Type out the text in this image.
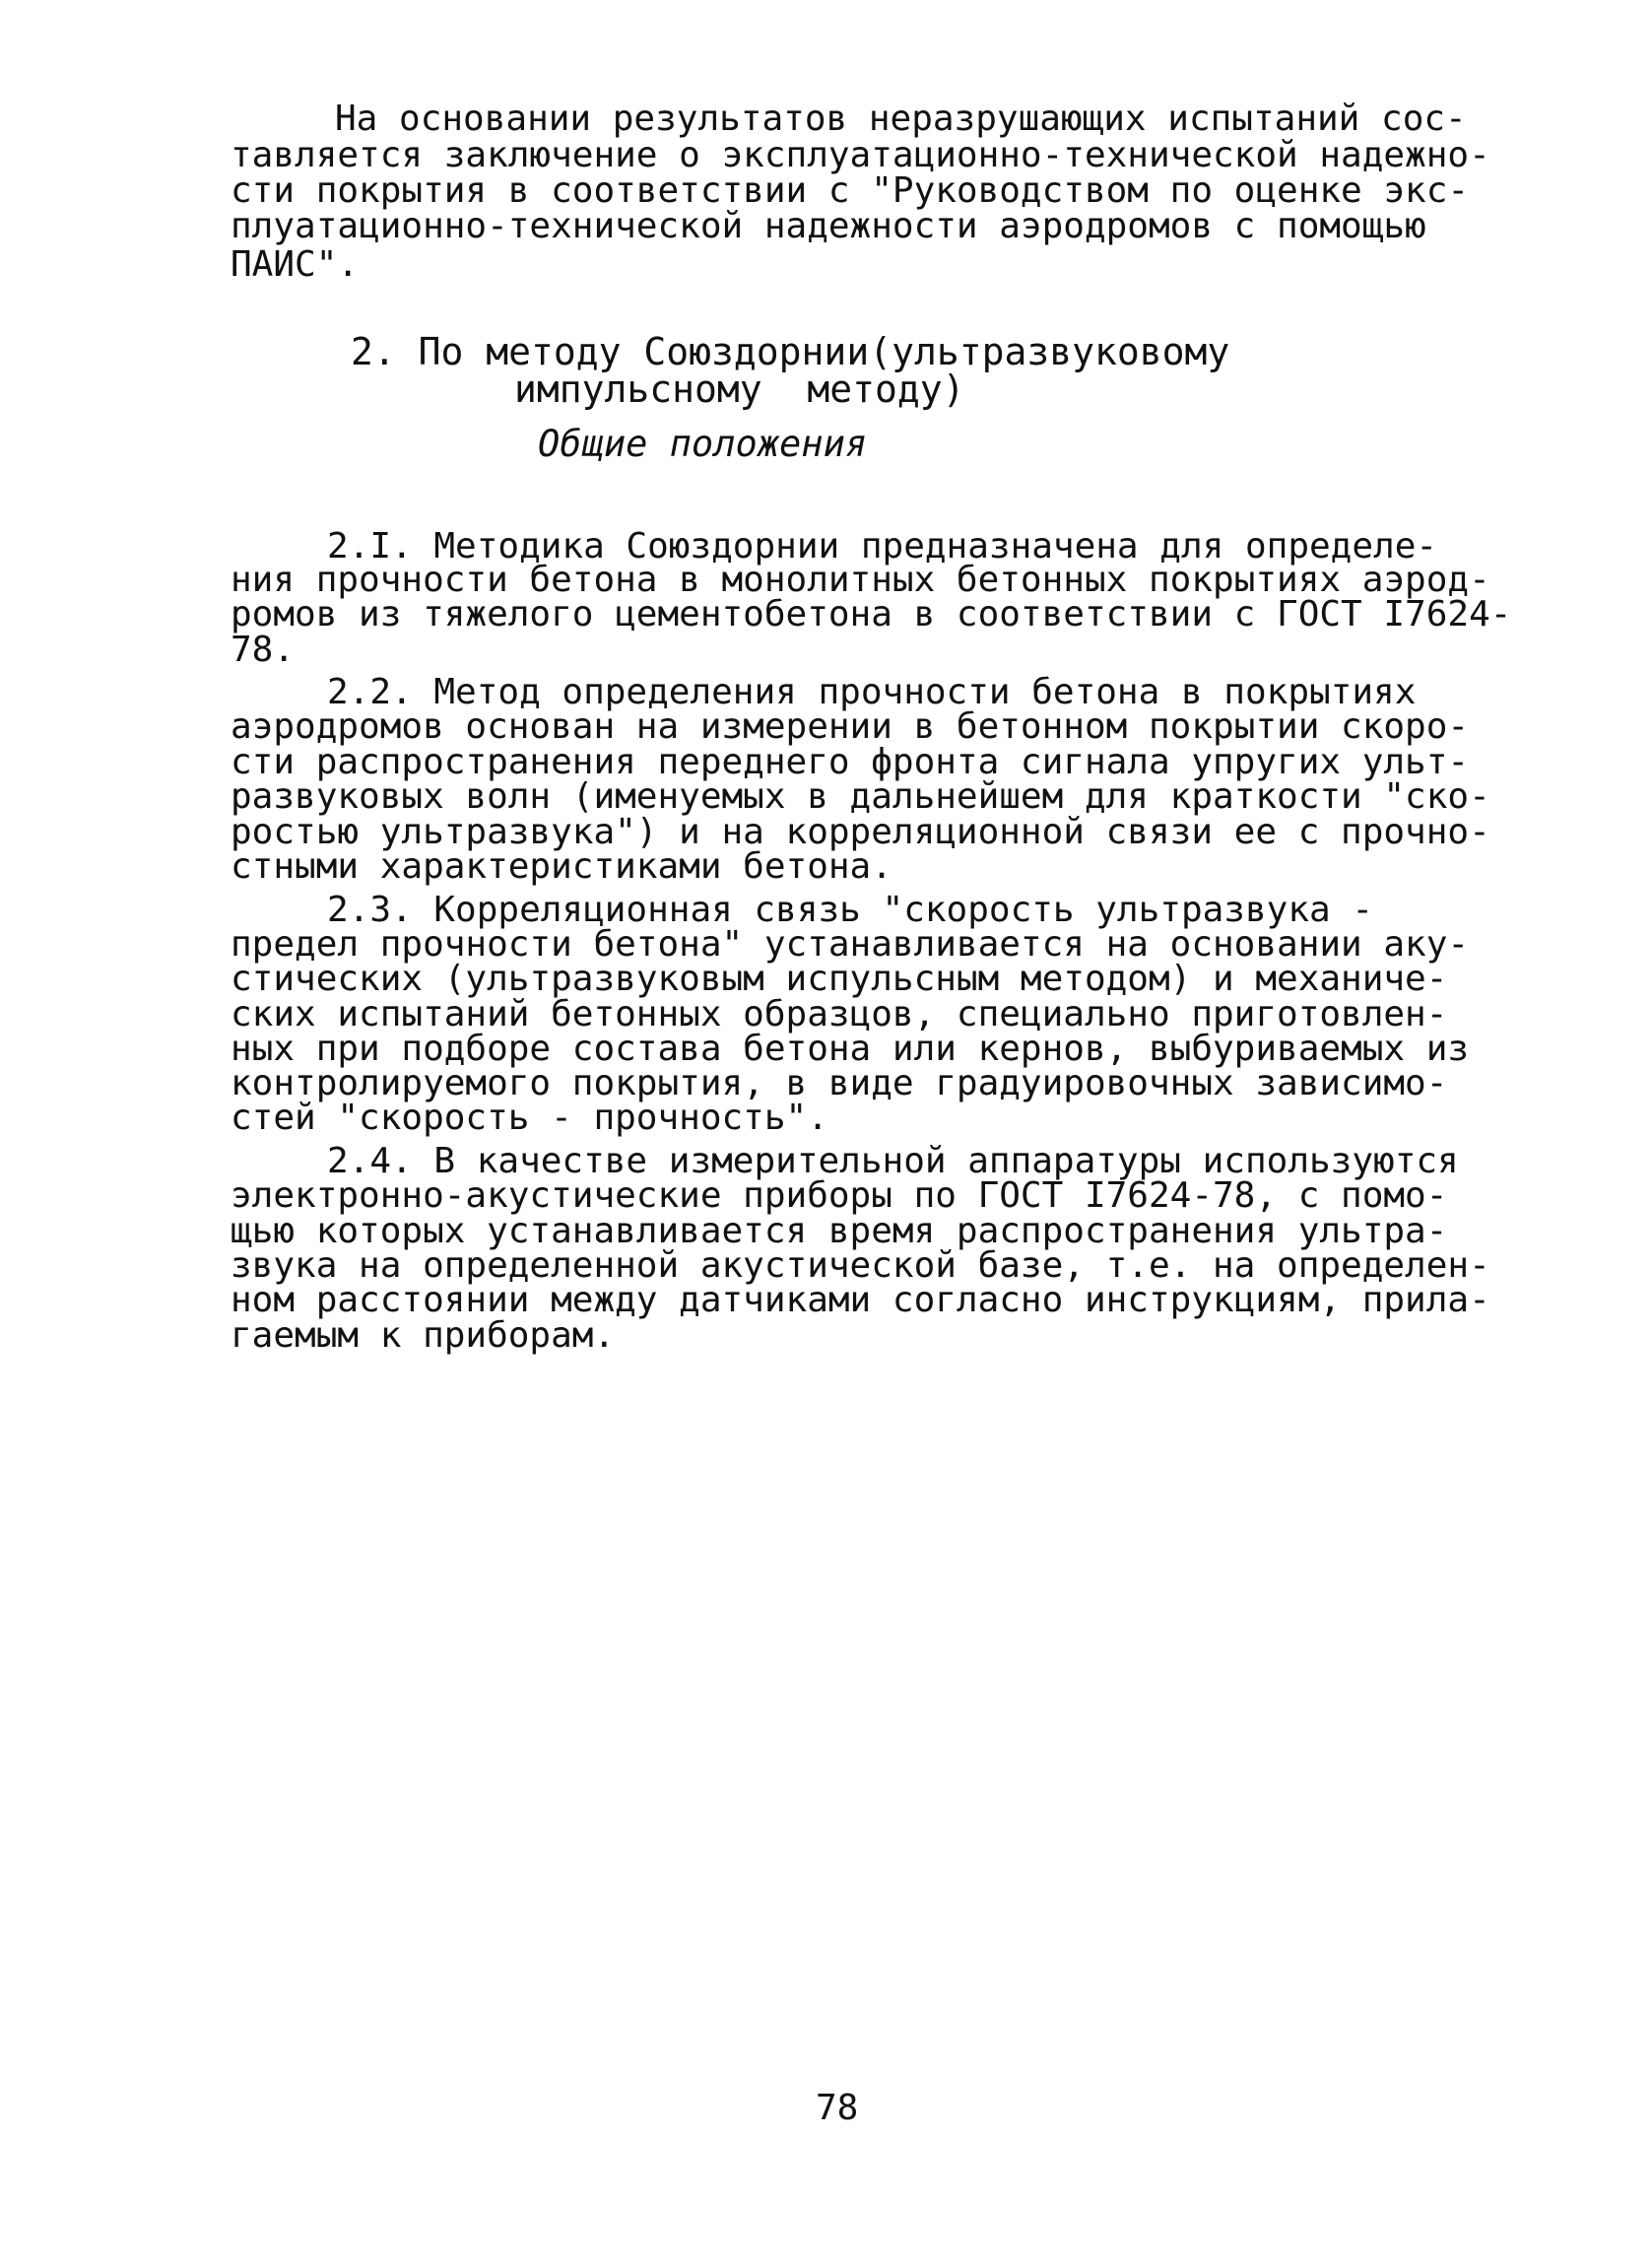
На основании результатов неразрушающих испытаний сос-
тавляется заключение о эксплуатационно-технической надежно-
сти покрытия в соответствии с "Руководством по оценке экс-
плуатационно-технической надежности аэродромов с помощью
ПАИС".
2. По методу Союздорнии(ультразвуковому
импульсному  методу)
Общие положения
2.I. Методика Союздорнии предназначена для определе-
ния прочности бетона в монолитных бетонных покрытиях аэрод-
ромов из тяжелого цементобетона в соответствии с ГОСТ I7624-
78.
2.2. Метод определения прочности бетона в покрытиях
аэродромов основан на измерении в бетонном покрытии скоро-
сти распространения переднего фронта сигнала упругих ульт-
развуковых волн (именуемых в дальнейшем для краткости "ско-
ростью ультразвука") и на корреляционной связи ее с прочно-
стными характеристиками бетона.
2.3. Корреляционная связь "скорость ультразвука -
предел прочности бетона" устанавливается на основании аку-
стических (ультразвуковым испульсным методом) и механиче-
ских испытаний бетонных образцов, специально приготовлен-
ных при подборе состава бетона или кернов, выбуриваемых из
контролируемого покрытия, в виде градуировочных зависимо-
стей "скорость - прочность".
2.4. В качестве измерительной аппаратуры используются
электронно-акустические приборы по ГОСТ I7624-78, с помо-
щью которых устанавливается время распространения ультра-
звука на определенной акустической базе, т.е. на определен-
ном расстоянии между датчиками согласно инструкциям, прила-
гаемым к приборам.
78
